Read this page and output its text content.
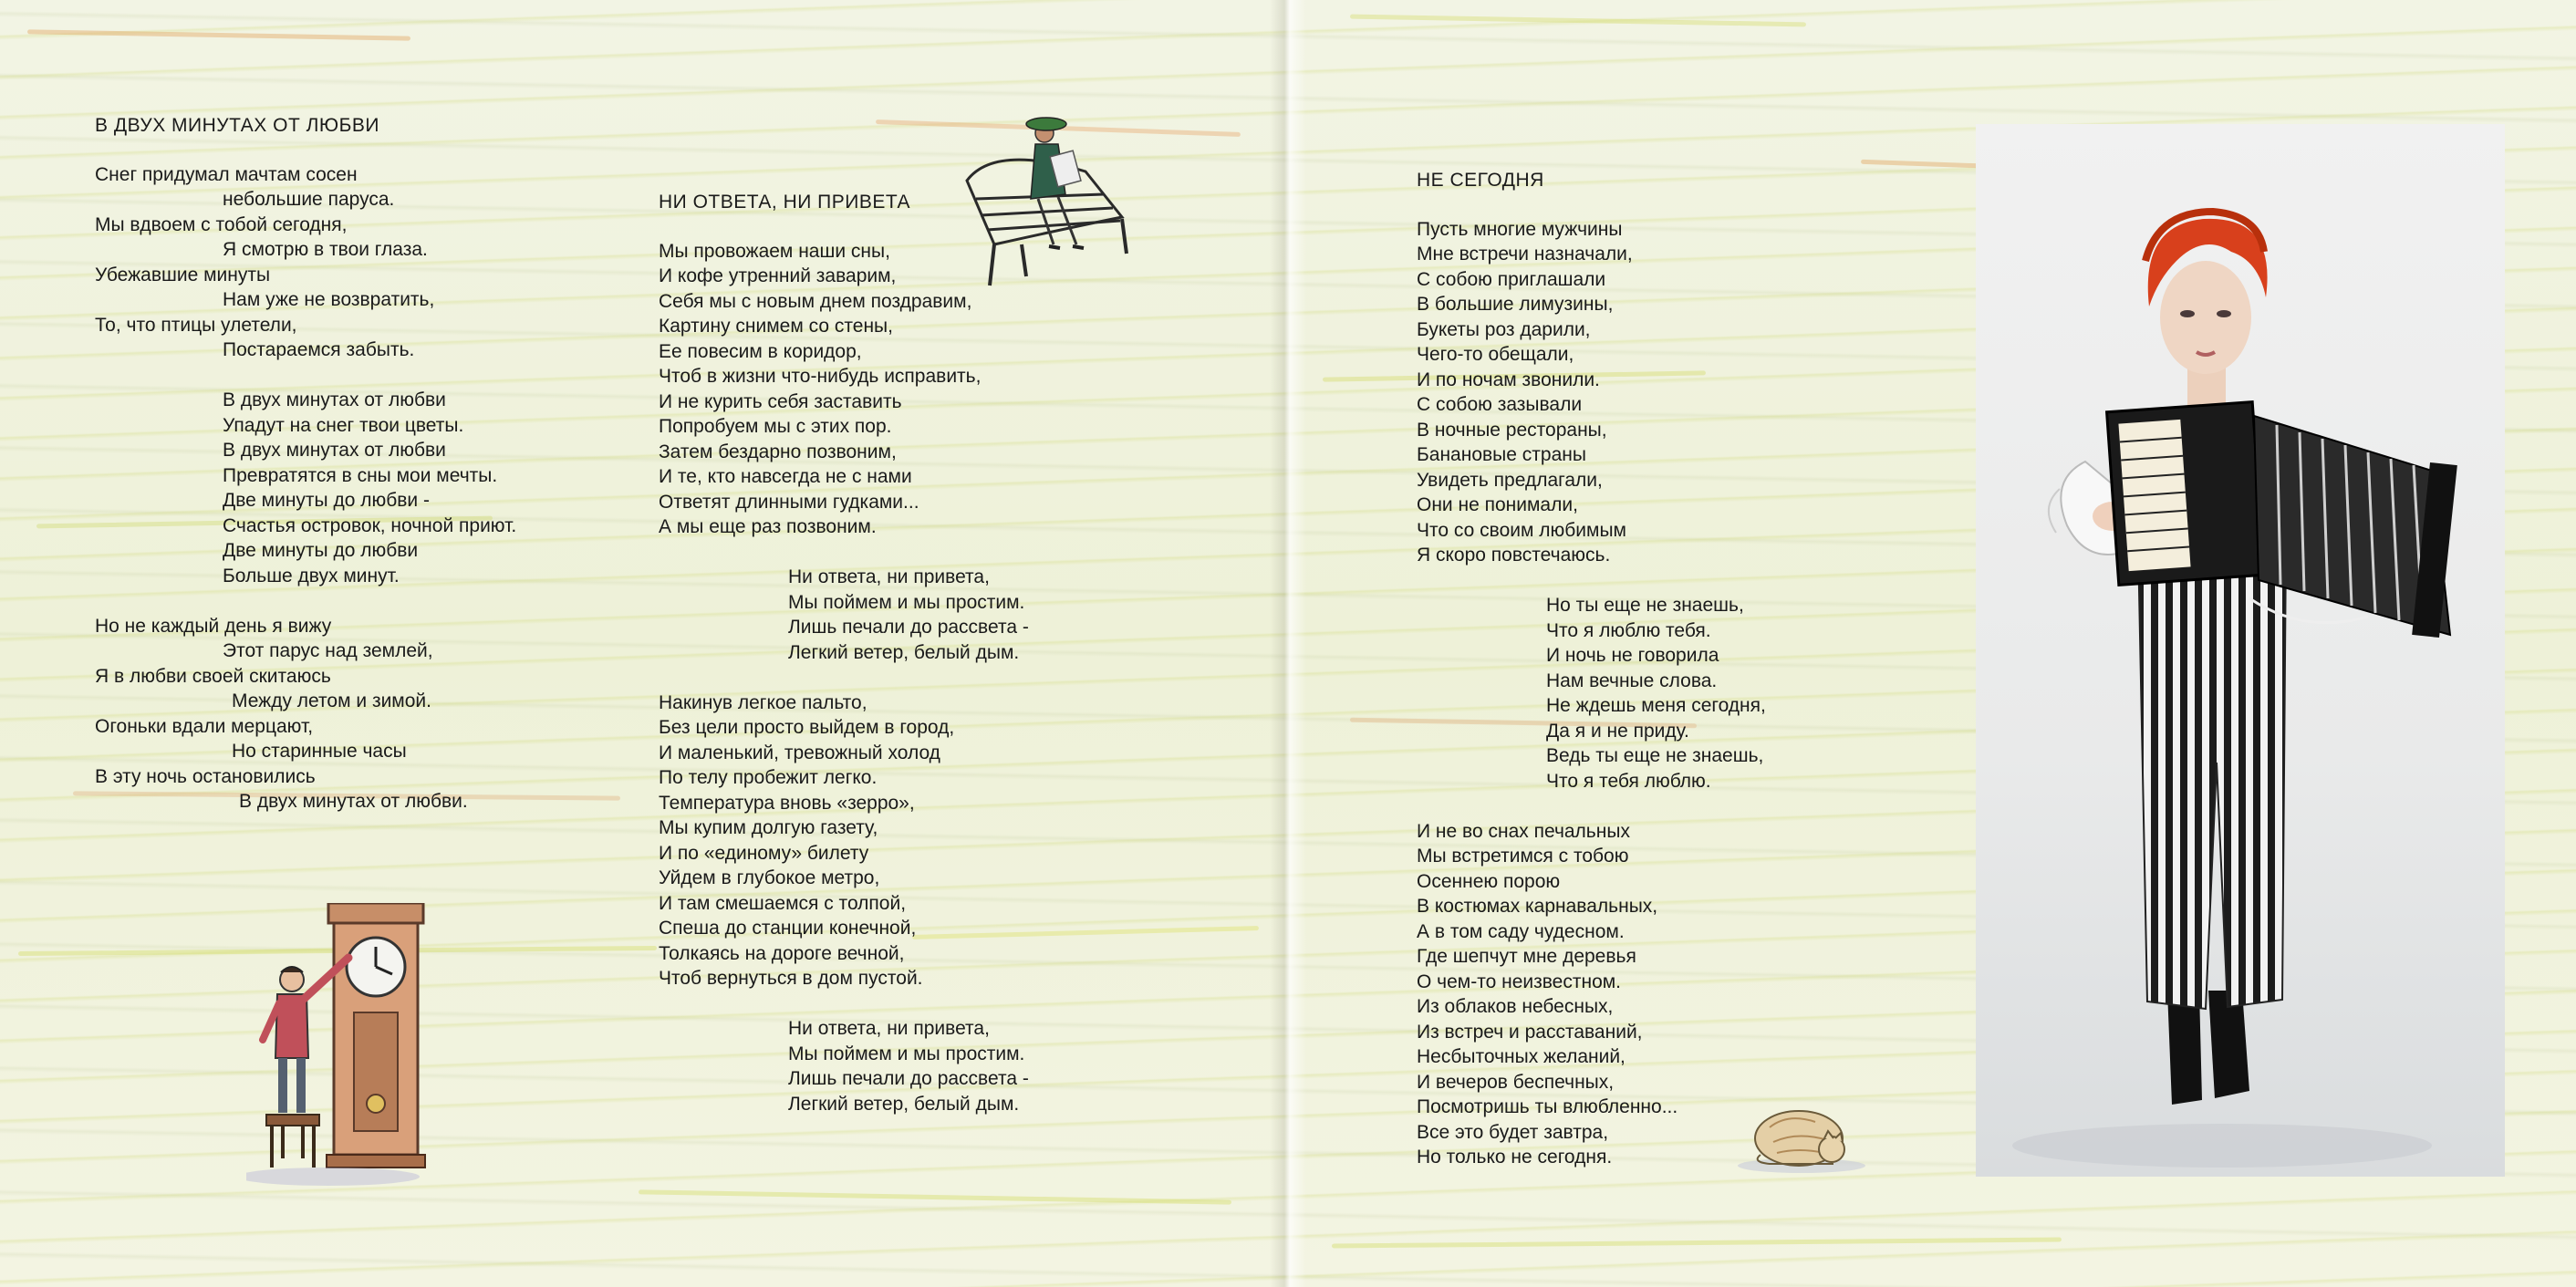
В ДВУХ МИНУТАХ ОТ ЛЮБВИ
Снег придумал мачтам сосен
небольшие паруса.
Мы вдвоем с тобой сегодня,
Я смотрю в твои глаза.
Убежавшие минуты
Нам уже не возвратить,
То, что птицы улетели,
Постараемся забыть.
В двух минутах от любви
Упадут на снег твои цветы.
В двух минутах от любви
Превратятся в сны мои мечты.
Две минуты до любви -
Счастья островок, ночной приют.
Две минуты до любви
Больше двух минут.
Но не каждый день я вижу
Этот парус над землей,
Я в любви своей скитаюсь
Между летом и зимой.
Огоньки вдали мерцают,
Но старинные часы
В эту ночь остановились
В двух минутах от любви.
НИ ОТВЕТА, НИ ПРИВЕТА
Мы провожаем наши сны,
И кофе утренний заварим,
Себя мы с новым днем поздравим,
Картину снимем со стены,
Ее повесим в коридор,
Чтоб в жизни что-нибудь исправить,
И не курить себя заставить
Попробуем мы с этих пор.
Затем бездарно позвоним,
И те, кто навсегда не с нами
Ответят длинными гудками...
А мы еще раз позвоним.
Ни ответа, ни привета,
Мы поймем и мы простим.
Лишь печали до рассвета -
Легкий ветер, белый дым.
Накинув легкое пальто,
Без цели просто выйдем в город,
И маленький, тревожный холод
По телу пробежит легко.
Температура вновь «зерро»,
Мы купим долгую газету,
И по «единому» билету
Уйдем в глубокое метро,
И там смешаемся с толпой,
Спеша до станции конечной,
Толкаясь на дороге вечной,
Чтоб вернуться в дом пустой.
Ни ответа, ни привета,
Мы поймем и мы простим.
Лишь печали до рассвета -
Легкий ветер, белый дым.
НЕ СЕГОДНЯ
Пусть многие мужчины
Мне встречи назначали,
С собою приглашали
В большие лимузины,
Букеты роз дарили,
Чего-то обещали,
И по ночам звонили.
С собою зазывали
В ночные рестораны,
Банановые страны
Увидеть предлагали,
Они не понимали,
Что со своим любимым
Я скоро повстечаюсь.
Но ты еще не знаешь,
Что я люблю тебя.
И ночь не говорила
Нам вечные слова.
Не ждешь меня сегодня,
Да я и не приду.
Ведь ты еще не знаешь,
Что я тебя люблю.
И не во снах печальных
Мы встретимся с тобою
Осеннею порою
В костюмах карнавальных,
А в том саду чудесном.
Где шепчут мне деревья
О чем-то неизвестном.
Из облаков небесных,
Из встреч и расставаний,
Несбыточных желаний,
И вечеров беспечных,
Посмотришь ты влюбленно...
Все это будет завтра,
Но только не сегодня.
